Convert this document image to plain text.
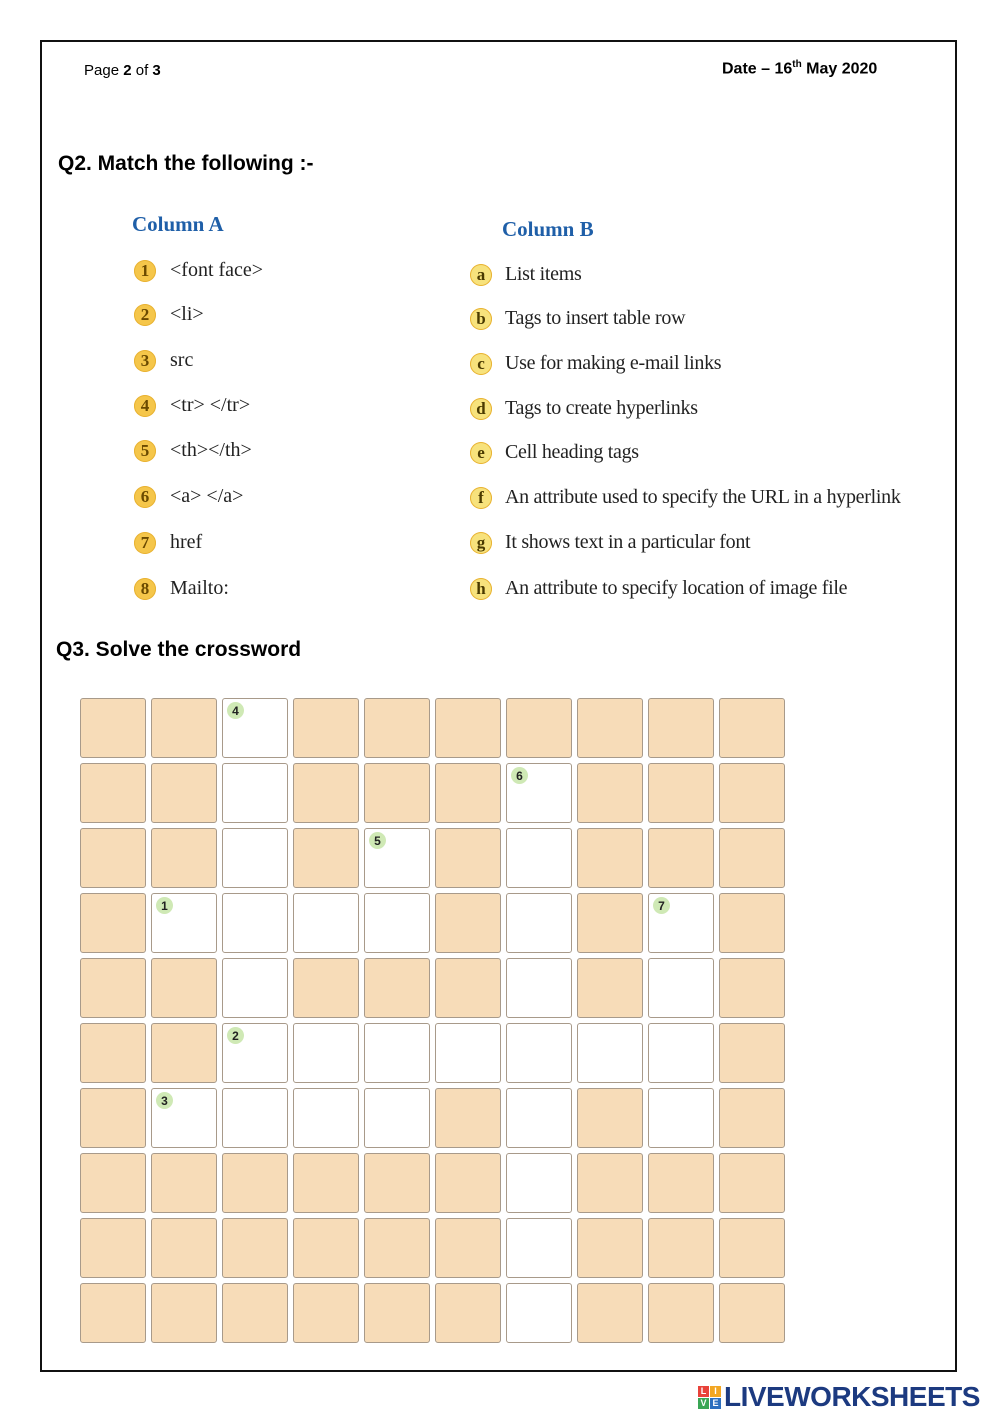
Page 2 of 3	Date – 16th May 2020
Q2. Match the following :-
Column A	Column B
1	<font face>
2	<li>
3	src
4	<tr> </tr>
5	<th></th>
6	<a> </a>
7	href
8	Mailto:
a List items
b Tags to insert table row
c	Use for making e-mail links
d Tags to create hyperlinks
e	Cell heading tags
f	An attribute used to specify the URL in a hyperlink
g It shows text in a particular font
h An attribute to specify location of image file
Q3. Solve the crossword
4
6
5
1	7
2
3
L I
V E LIVEWORKSHEETS
